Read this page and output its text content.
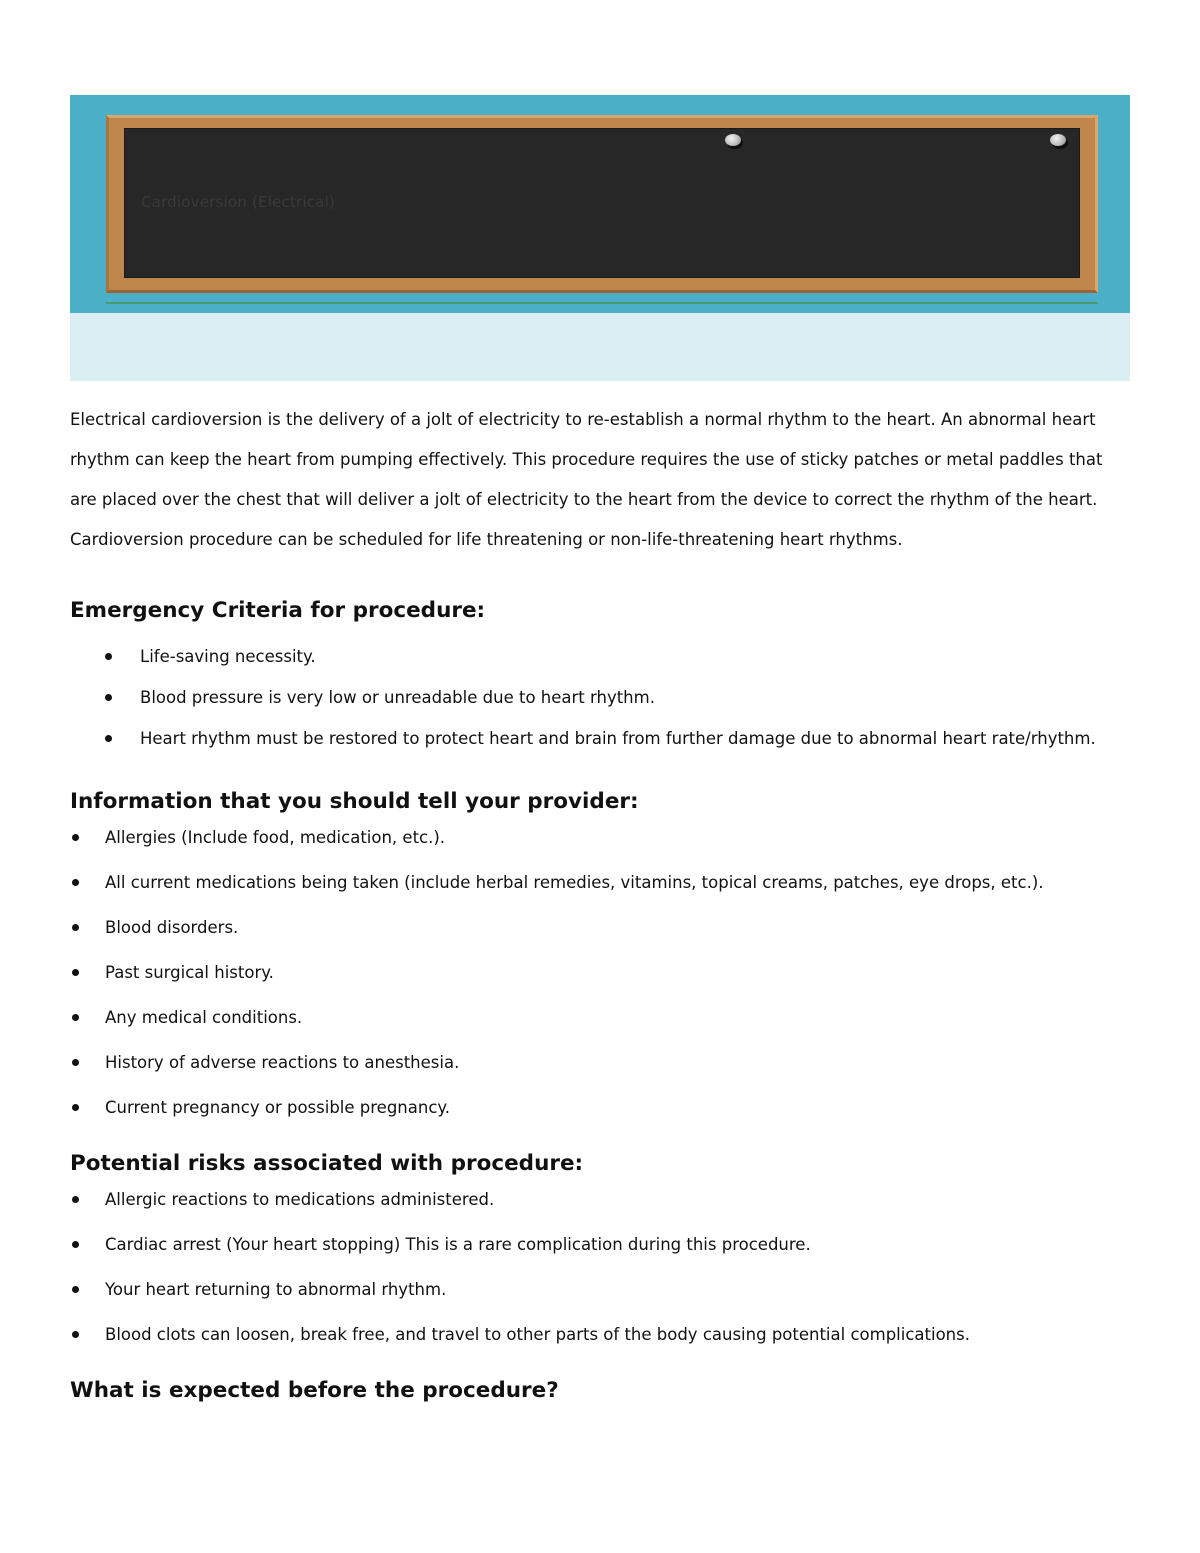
Cardioversion (Electrical)

Electrical cardioversion is the delivery of a jolt of electricity to re-establish a normal rhythm to the heart. An abnormal heart rhythm can keep the heart from pumping effectively. This procedure requires the use of sticky patches or metal paddles that are placed over the chest that will deliver a jolt of electricity to the heart from the device to correct the rhythm of the heart. Cardioversion procedure can be scheduled for life threatening or non-life-threatening heart rhythms.

Emergency Criteria for procedure:
Life-saving necessity.
Blood pressure is very low or unreadable due to heart rhythm.
Heart rhythm must be restored to protect heart and brain from further damage due to abnormal heart rate/rhythm.
Information that you should tell your provider:
Allergies (Include food, medication, etc.).
All current medications being taken (include herbal remedies, vitamins, topical creams, patches, eye drops, etc.).
Blood disorders.
Past surgical history.
Any medical conditions.
History of adverse reactions to anesthesia.
Current pregnancy or possible pregnancy.
Potential risks associated with procedure:
Allergic reactions to medications administered.
Cardiac arrest (Your heart stopping) This is a rare complication during this procedure.
Your heart returning to abnormal rhythm.
Blood clots can loosen, break free, and travel to other parts of the body causing potential complications.
What is expected before the procedure?
